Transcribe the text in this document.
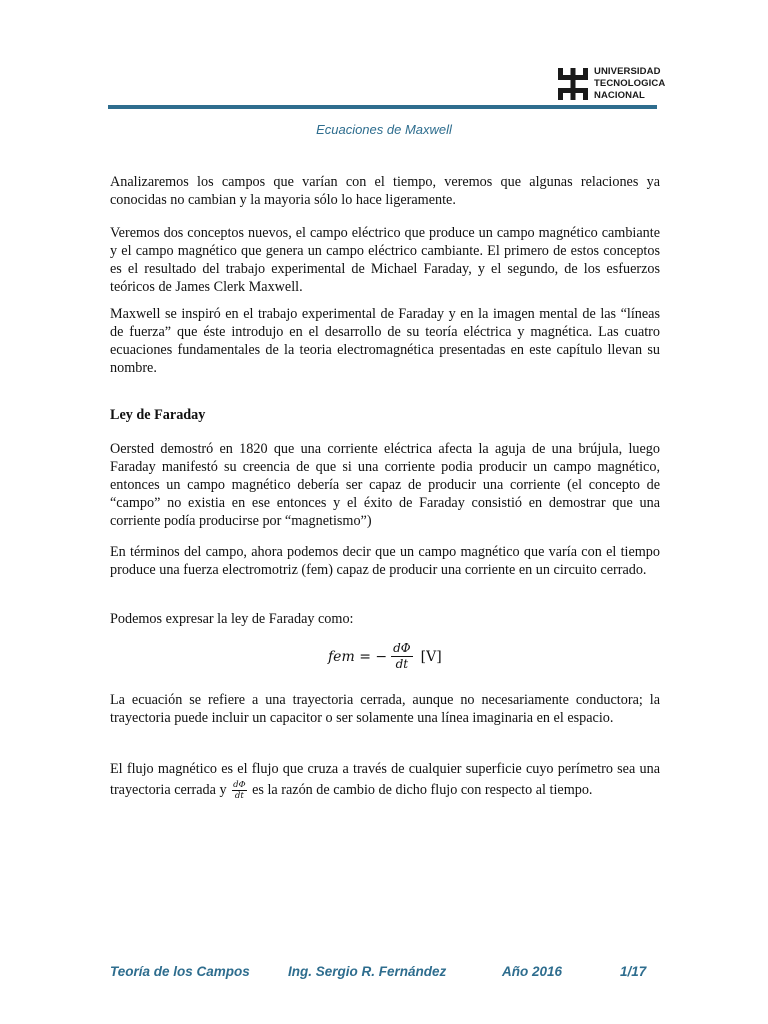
UNIVERSIDAD
TECNOLOGICA
NACIONAL
Ecuaciones de Maxwell

Analizaremos los campos que varían con el tiempo, veremos que algunas relaciones ya conocidas no cambian y la mayoria sólo lo hace ligeramente.

Veremos dos conceptos nuevos, el campo eléctrico que produce un campo magnético cambiante y el campo magnético que genera un campo eléctrico cambiante. El primero de estos conceptos es el resultado del trabajo experimental de Michael Faraday, y el segundo, de los esfuerzos teóricos de James Clerk Maxwell.

Maxwell se inspiró en el trabajo experimental de Faraday y en la imagen mental de las “líneas de fuerza” que éste introdujo en el desarrollo de su teoría eléctrica y magnética. Las cuatro ecuaciones fundamentales de la teoria electromagnética presentadas en este capítulo llevan su nombre.

Ley de Faraday

Oersted demostró en 1820 que una corriente eléctrica afecta la aguja de una brújula, luego Faraday manifestó su creencia de que si una corriente podia producir un campo magnético, entonces un campo magnético debería ser capaz de producir una corriente (el concepto de “campo” no existia en ese entonces y el éxito de Faraday consistió en demostrar que una corriente podía producirse por “magnetismo”)

En términos del campo, ahora podemos decir que un campo magnético que varía con el tiempo produce una fuerza electromotriz (fem) capaz de producir una corriente en un circuito cerrado.

Podemos expresar la ley de Faraday como:

fem = − $\frac{d\Phi}{dt} [V]$

La ecuación se refiere a una trayectoria cerrada, aunque no necesariamente conductora; la trayectoria puede incluir un capacitor o ser solamente una línea imaginaria en el espacio.

El flujo magnético es el flujo que cruza a través de cualquier superficie cuyo perímetro sea una trayectoria cerrada y $\frac{d\Phi}{dt}$ es la razón de cambio de dicho flujo con respecto al tiempo.

Teoría de los Campos	Ing. Sergio R. Fernández	Año 2016	1/17
